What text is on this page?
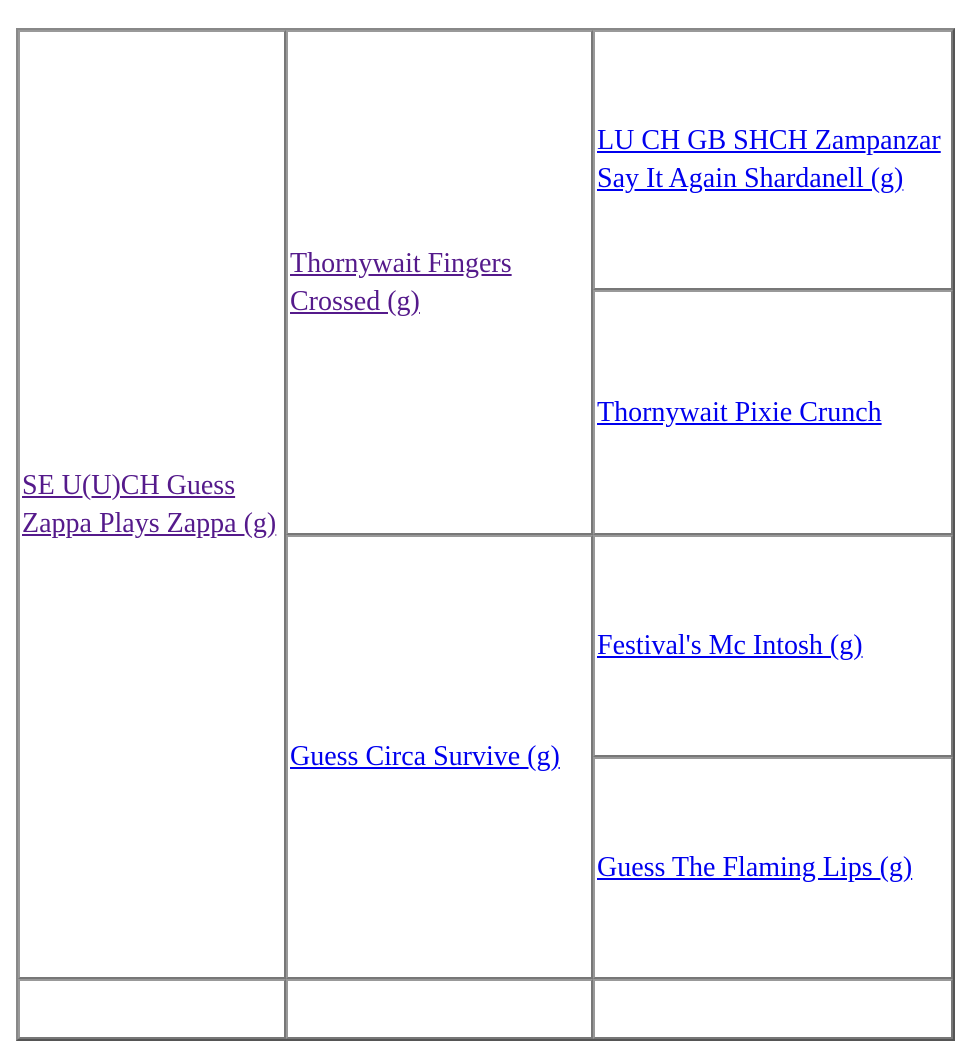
SE U(U)CH Guess Zappa Plays Zappa (g)	Thornywait Fingers Crossed (g)	LU CH GB SHCH Zampanzar Say It Again Shardanell (g)
		Thornywait Pixie Crunch
	Guess Circa Survive (g)	Festival's Mc Intosh (g)
		Guess The Flaming Lips (g)
